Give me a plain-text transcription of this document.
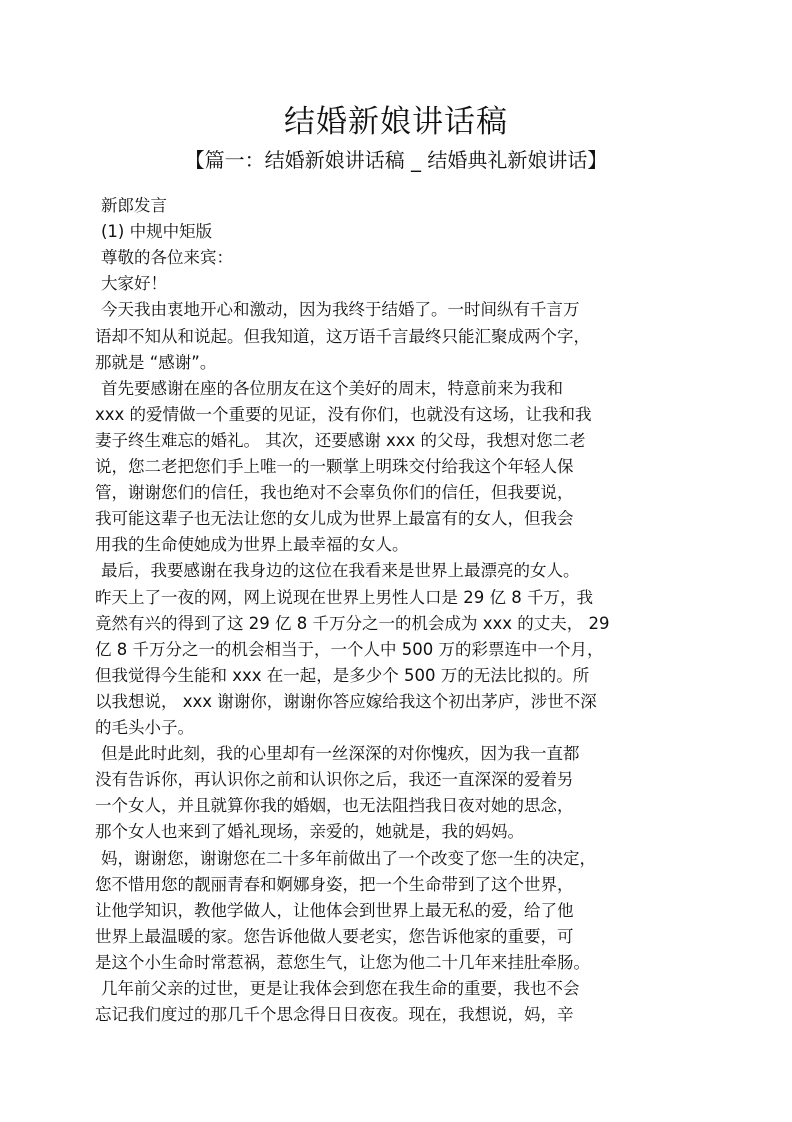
结婚新娘讲话稿
【篇一：结婚新娘讲话稿 _ 结婚典礼新娘讲话】
新郎发言
(1) 中规中矩版
尊敬的各位来宾：
大家好！
今天我由衷地开心和激动，因为我终于结婚了。一时间纵有千言万
语却不知从和说起。但我知道，这万语千言最终只能汇聚成两个字，
那就是 “感谢”。
首先要感谢在座的各位朋友在这个美好的周末，特意前来为我和
xxx 的爱情做一个重要的见证，没有你们，也就没有这场，让我和我
妻子终生难忘的婚礼。 其次，还要感谢 xxx 的父母，我想对您二老
说，您二老把您们手上唯一的一颗掌上明珠交付给我这个年轻人保
管，谢谢您们的信任，我也绝对不会辜负你们的信任，但我要说，
我可能这辈子也无法让您的女儿成为世界上最富有的女人，但我会
用我的生命使她成为世界上最幸福的女人。
最后，我要感谢在我身边的这位在我看来是世界上最漂亮的女人。
昨天上了一夜的网，网上说现在世界上男性人口是 29 亿 8 千万，我
竟然有兴的得到了这 29 亿 8 千万分之一的机会成为 xxx 的丈夫， 29
亿 8 千万分之一的机会相当于，一个人中 500 万的彩票连中一个月，
但我觉得今生能和 xxx 在一起，是多少个 500 万的无法比拟的。所
以我想说， xxx 谢谢你，谢谢你答应嫁给我这个初出茅庐，涉世不深
的毛头小子。
但是此时此刻，我的心里却有一丝深深的对你愧疚，因为我一直都
没有告诉你，再认识你之前和认识你之后，我还一直深深的爱着另
一个女人，并且就算你我的婚姻，也无法阻挡我日夜对她的思念，
那个女人也来到了婚礼现场，亲爱的，她就是，我的妈妈。
妈，谢谢您，谢谢您在二十多年前做出了一个改变了您一生的决定，
您不惜用您的靓丽青春和婀娜身姿，把一个生命带到了这个世界，
让他学知识，教他学做人，让他体会到世界上最无私的爱，给了他
世界上最温暖的家。您告诉他做人要老实，您告诉他家的重要，可
是这个小生命时常惹祸，惹您生气，让您为他二十几年来挂肚牵肠。
几年前父亲的过世，更是让我体会到您在我生命的重要，我也不会
忘记我们度过的那几千个思念得日日夜夜。现在，我想说，妈，辛
